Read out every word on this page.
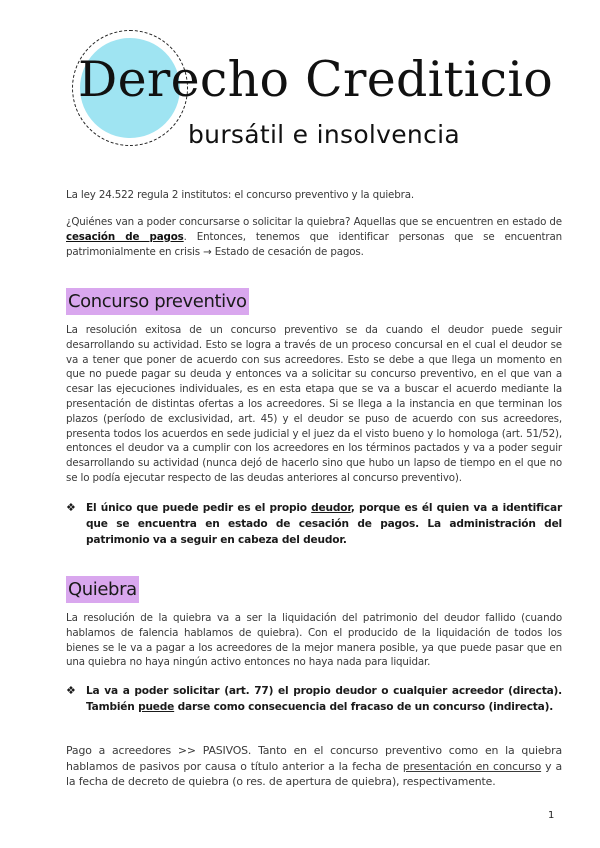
Derecho Crediticio
bursátil e insolvencia

La ley 24.522 regula 2 institutos: el concurso preventivo y la quiebra.

¿Quiénes van a poder concursarse o solicitar la quiebra? Aquellas que se encuentren en estado de cesación de pagos. Entonces, tenemos que identificar personas que se encuentran patrimonialmente en crisis → Estado de cesación de pagos.

Concurso preventivo

La resolución exitosa de un concurso preventivo se da cuando el deudor puede seguir desarrollando su actividad. Esto se logra a través de un proceso concursal en el cual el deudor se va a tener que poner de acuerdo con sus acreedores. Esto se debe a que llega un momento en que no puede pagar su deuda y entonces va a solicitar su concurso preventivo, en el que van a cesar las ejecuciones individuales, es en esta etapa que se va a buscar el acuerdo mediante la presentación de distintas ofertas a los acreedores. Si se llega a la instancia en que terminan los plazos (período de exclusividad, art. 45) y el deudor se puso de acuerdo con sus acreedores, presenta todos los acuerdos en sede judicial y el juez da el visto bueno y lo homologa (art. 51/52), entonces el deudor va a cumplir con los acreedores en los términos pactados y va a poder seguir desarrollando su actividad (nunca dejó de hacerlo sino que hubo un lapso de tiempo en el que no se lo podía ejecutar respecto de las deudas anteriores al concurso preventivo).

❖ El único que puede pedir es el propio deudor, porque es él quien va a identificar que se encuentra en estado de cesación de pagos. La administración del patrimonio va a seguir en cabeza del deudor.
Quiebra

La resolución de la quiebra va a ser la liquidación del patrimonio del deudor fallido (cuando hablamos de falencia hablamos de quiebra). Con el producido de la liquidación de todos los bienes se le va a pagar a los acreedores de la mejor manera posible, ya que puede pasar que en una quiebra no haya ningún activo entonces no haya nada para liquidar.

❖ La va a poder solicitar (art. 77) el propio deudor o cualquier acreedor (directa). También puede darse como consecuencia del fracaso de un concurso (indirecta).

Pago a acreedores >> PASIVOS. Tanto en el concurso preventivo como en la quiebra hablamos de pasivos por causa o título anterior a la fecha de presentación en concurso y a la fecha de decreto de quiebra (o res. de apertura de quiebra), respectivamente.

1
